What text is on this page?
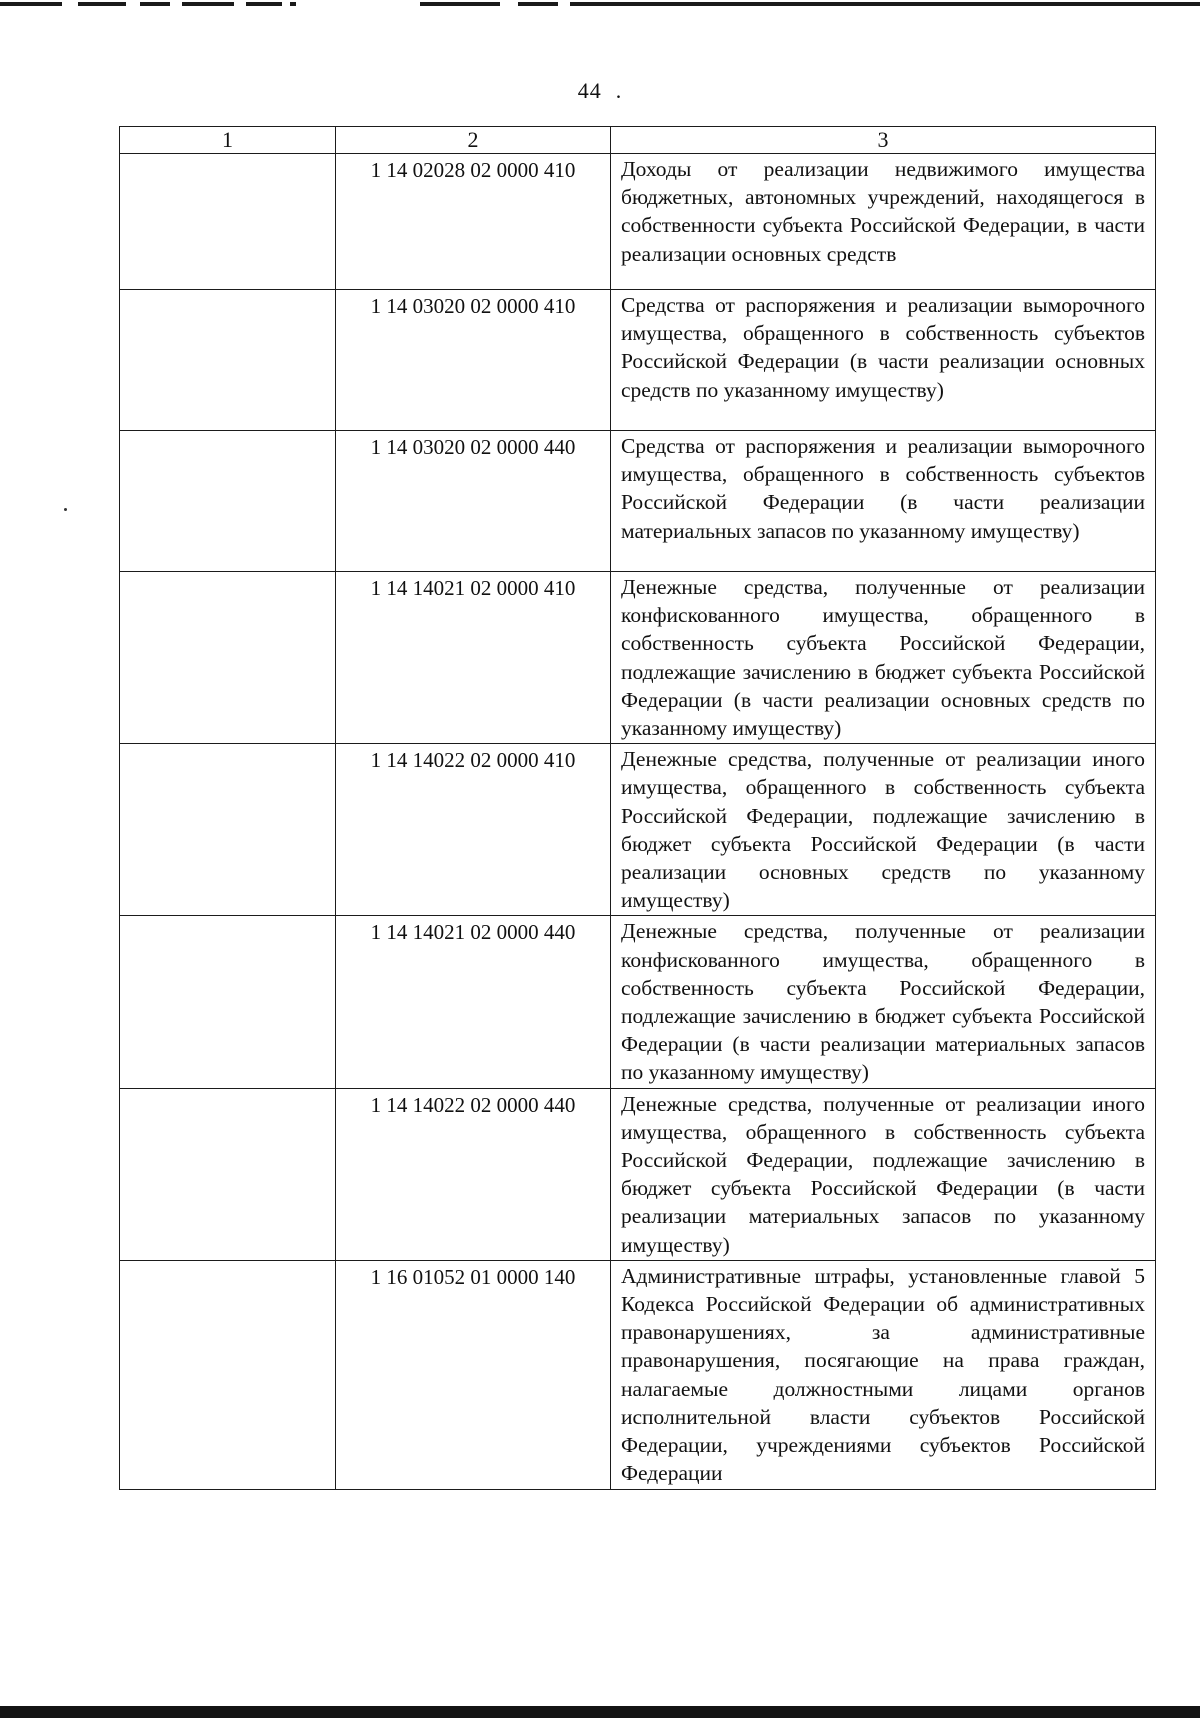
44 .
1	2	3
	1 14 02028 02 0000 410	Доходы от реализации недвижимого имущества бюджетных, автономных учреждений, находящегося в собственности субъекта Российской Федерации, в части реализации основных средств
	1 14 03020 02 0000 410	Средства от распоряжения и реализации выморочного имущества, обращенного в собственность субъектов Российской Федерации (в части реализации основных средств по указанному имуществу)
	1 14 03020 02 0000 440	Средства от распоряжения и реализации выморочного имущества, обращенного в собственность субъектов Российской Федерации (в части реализации материальных запасов по указанному имуществу)
	1 14 14021 02 0000 410	Денежные средства, полученные от реализации конфискованного имущества, обращенного в собственность субъекта Российской Федерации, подлежащие зачислению в бюджет субъекта Российской Федерации (в части реализации основных средств по указанному имуществу)
	1 14 14022 02 0000 410	Денежные средства, полученные от реализации иного имущества, обращенного в собственность субъекта Российской Федерации, подлежащие зачислению в бюджет субъекта Российской Федерации (в части реализации основных средств по указанному имуществу)
	1 14 14021 02 0000 440	Денежные средства, полученные от реализации конфискованного имущества, обращенного в собственность субъекта Российской Федерации, подлежащие зачислению в бюджет субъекта Российской Федерации (в части реализации материальных запасов по указанному имуществу)
	1 14 14022 02 0000 440	Денежные средства, полученные от реализации иного имущества, обращенного в собственность субъекта Российской Федерации, подлежащие зачислению в бюджет субъекта Российской Федерации (в части реализации материальных запасов по указанному имуществу)
	1 16 01052 01 0000 140	Административные штрафы, установленные главой 5 Кодекса Российской Федерации об административных правонарушениях, за административные правонарушения, посягающие на права граждан, налагаемые должностными лицами органов исполнительной власти субъектов Российской Федерации, учреждениями субъектов Российской Федерации
